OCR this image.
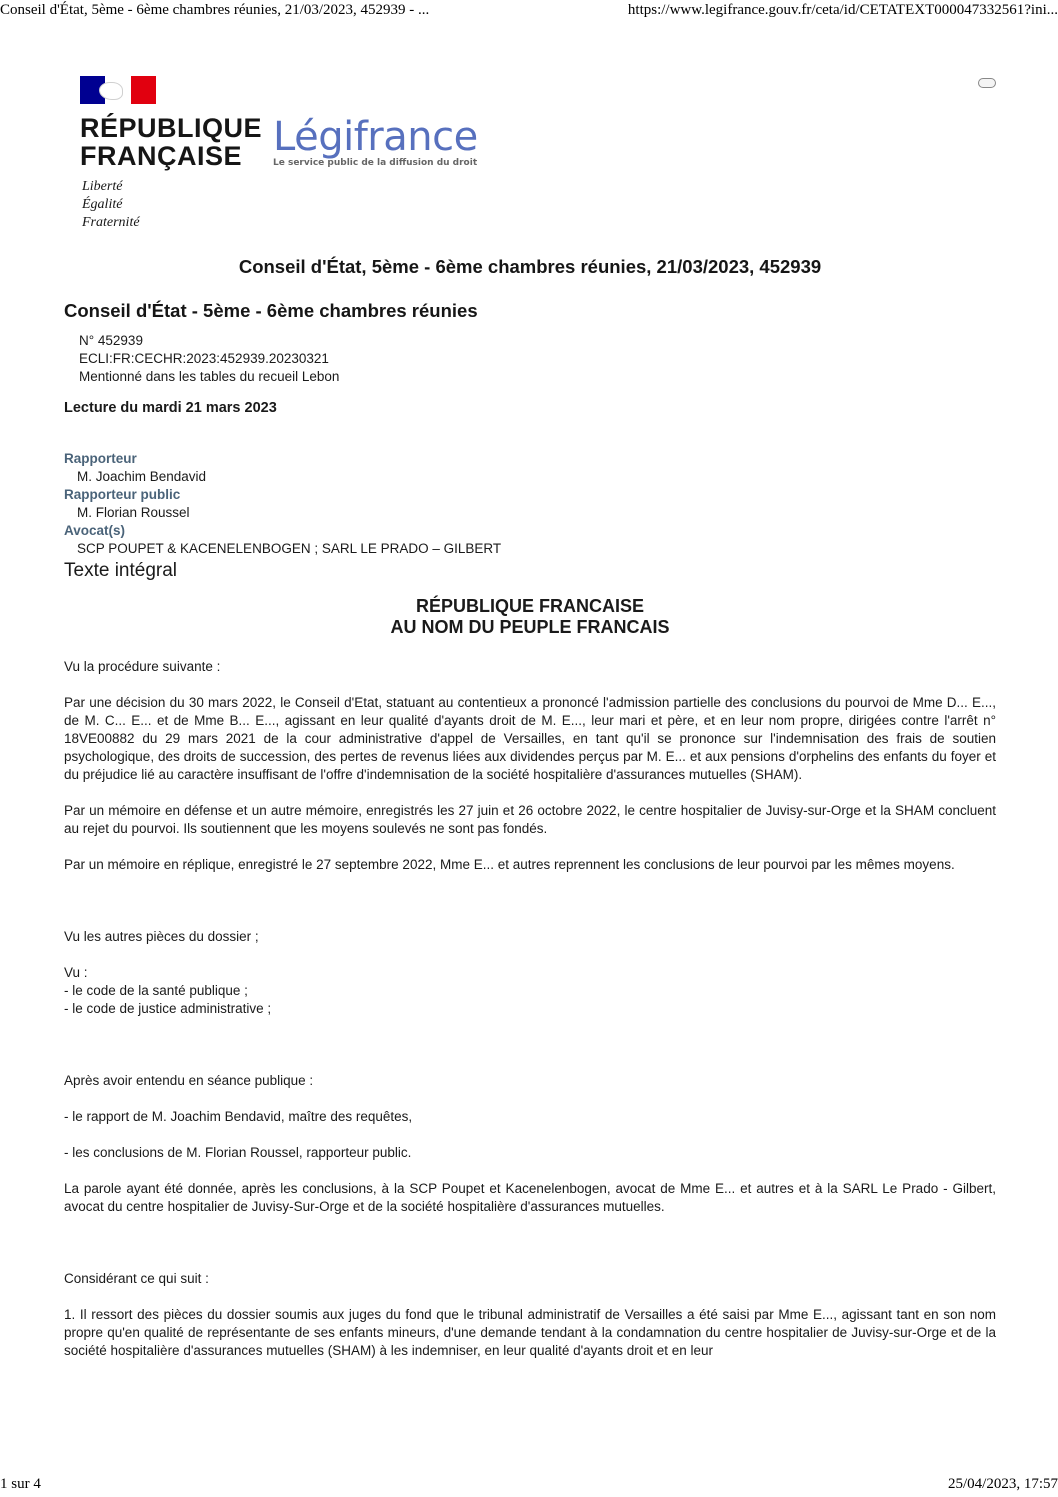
Conseil d'État, 5ème - 6ème chambres réunies, 21/03/2023, 452939 - ...	https://www.legifrance.gouv.fr/ceta/id/CETATEXT000047332561?ini...
RÉPUBLIQUE
FRANÇAISE
Liberté
Égalité
Fraternité
Légifrance
Le service public de la diffusion du droit
Conseil d'État, 5ème - 6ème chambres réunies, 21/03/2023, 452939
Conseil d'État - 5ème - 6ème chambres réunies
N° 452939
ECLI:FR:CECHR:2023:452939.20230321
Mentionné dans les tables du recueil Lebon
Lecture du mardi 21 mars 2023
Rapporteur
M. Joachim Bendavid
Rapporteur public
M. Florian Roussel
Avocat(s)
SCP POUPET & KACENELENBOGEN ; SARL LE PRADO – GILBERT
Texte intégral
RÉPUBLIQUE FRANCAISE
AU NOM DU PEUPLE FRANCAIS

Vu la procédure suivante :

Par une décision du 30 mars 2022, le Conseil d'Etat, statuant au contentieux a prononcé l'admission partielle des conclusions du pourvoi de Mme D... E..., de M. C... E... et de Mme B... E..., agissant en leur qualité d'ayants droit de M. E..., leur mari et père, et en leur nom propre, dirigées contre l'arrêt n° 18VE00882 du 29 mars 2021 de la cour administrative d'appel de Versailles, en tant qu'il se prononce sur l'indemnisation des frais de soutien psychologique, des droits de succession, des pertes de revenus liées aux dividendes perçus par M. E... et aux pensions d'orphelins des enfants du foyer et du préjudice lié au caractère insuffisant de l'offre d'indemnisation de la société hospitalière d'assurances mutuelles (SHAM).

Par un mémoire en défense et un autre mémoire, enregistrés les 27 juin et 26 octobre 2022, le centre hospitalier de Juvisy-sur-Orge et la SHAM concluent au rejet du pourvoi. Ils soutiennent que les moyens soulevés ne sont pas fondés.

Par un mémoire en réplique, enregistré le 27 septembre 2022, Mme E... et autres reprennent les conclusions de leur pourvoi par les mêmes moyens.

Vu les autres pièces du dossier ;

Vu :

- le code de la santé publique ;

- le code de justice administrative ;

Après avoir entendu en séance publique :

- le rapport de M. Joachim Bendavid, maître des requêtes,

- les conclusions de M. Florian Roussel, rapporteur public.

La parole ayant été donnée, après les conclusions, à la SCP Poupet et Kacenelenbogen, avocat de Mme E... et autres et à la SARL Le Prado - Gilbert, avocat du centre hospitalier de Juvisy-Sur-Orge et de la société hospitalière d'assurances mutuelles.

Considérant ce qui suit :

1. Il ressort des pièces du dossier soumis aux juges du fond que le tribunal administratif de Versailles a été saisi par Mme E..., agissant tant en son nom propre qu'en qualité de représentante de ses enfants mineurs, d'une demande tendant à la condamnation du centre hospitalier de Juvisy-sur-Orge et de la société hospitalière d'assurances mutuelles (SHAM) à les indemniser, en leur qualité d'ayants droit et en leur

1 sur 4	25/04/2023, 17:57
